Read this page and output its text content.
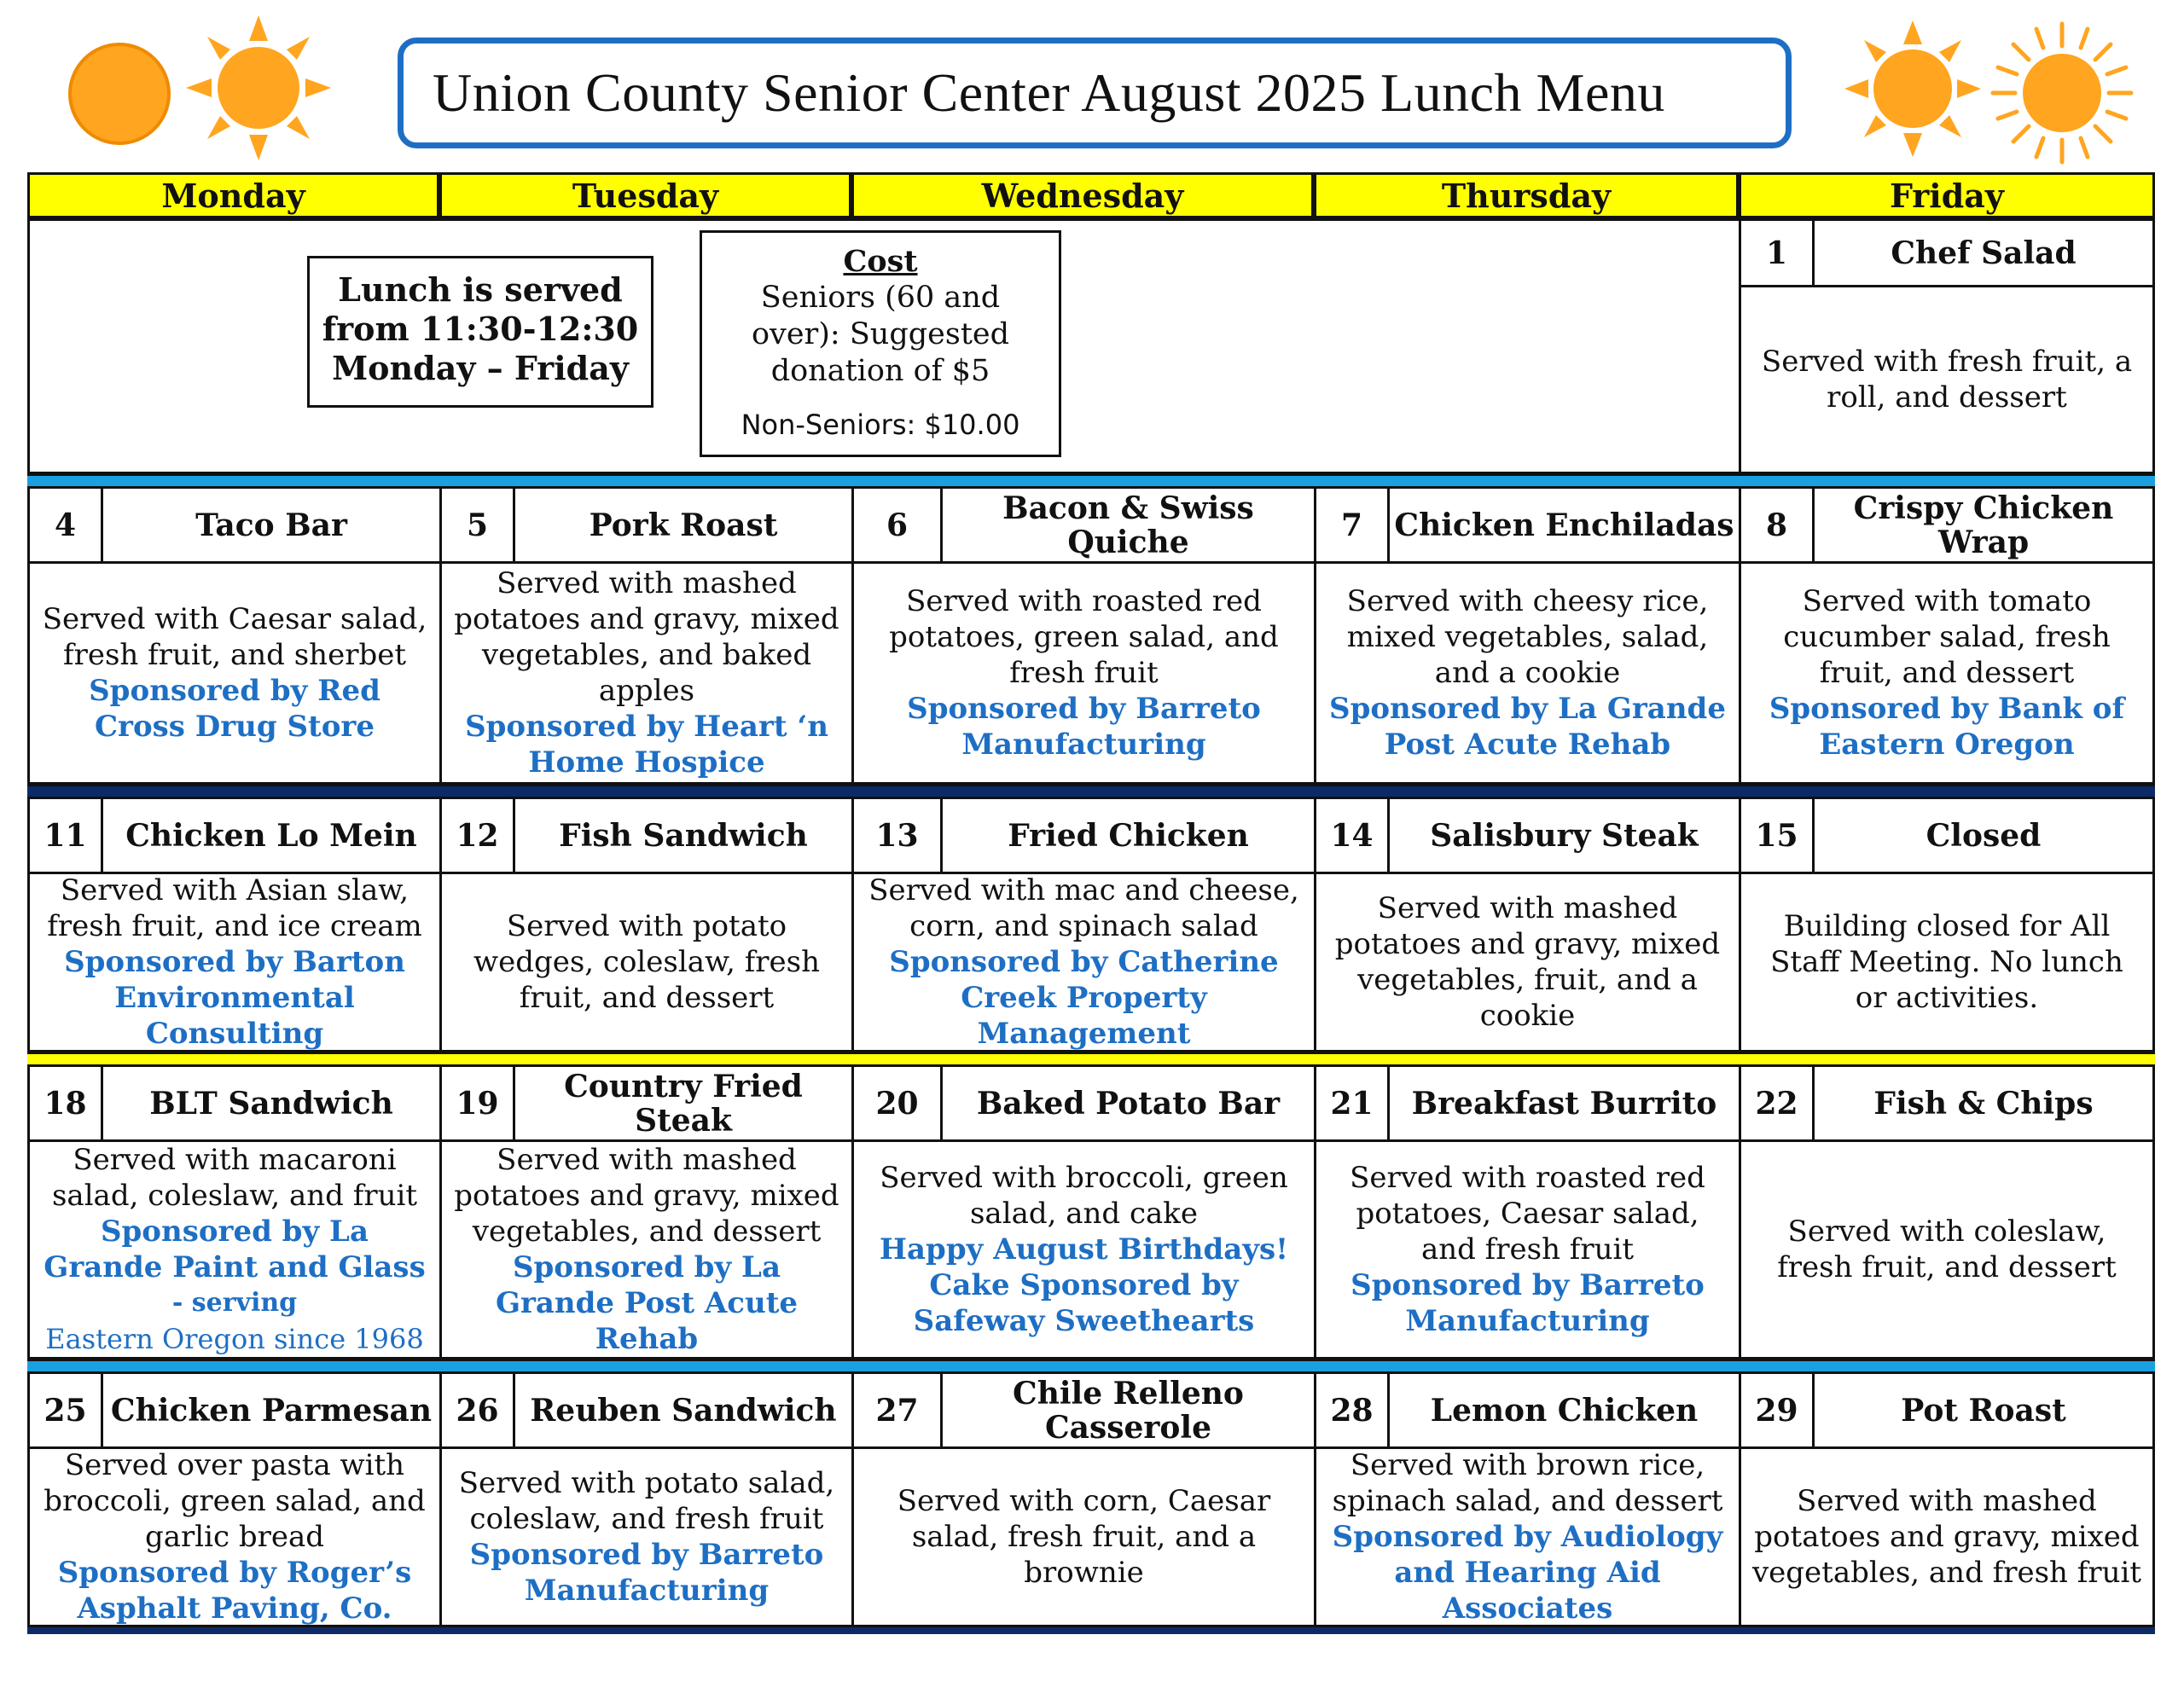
Union County Senior Center August 2025 Lunch Menu
Monday	Tuesday	Wednesday	Thursday	Friday
Lunch is served
from 11:30-12:30
Monday – Friday
Cost
Seniors (60 and
over): Suggested
donation of $5
Non-Seniors: $10.00
1	Chef Salad
Served with fresh fruit, a roll, and dessert
4	Taco Bar
Served with Caesar salad, fresh fruit, and sherbet
Sponsored by Red Cross Drug Store
5	Pork Roast
Served with mashed potatoes and gravy, mixed vegetables, and baked apples
Sponsored by Heart ‘n Home Hospice
6	Bacon & Swiss Quiche
Served with roasted red potatoes, green salad, and fresh fruit
Sponsored by Barreto Manufacturing
7	Chicken Enchiladas
Served with cheesy rice, mixed vegetables, salad, and a cookie
Sponsored by La Grande Post Acute Rehab
8	Crispy Chicken Wrap
Served with tomato cucumber salad, fresh fruit, and dessert
Sponsored by Bank of Eastern Oregon
11	Chicken Lo Mein
Served with Asian slaw, fresh fruit, and ice cream
Sponsored by Barton Environmental Consulting
12	Fish Sandwich
Served with potato wedges, coleslaw, fresh fruit, and dessert
13	Fried Chicken
Served with mac and cheese, corn, and spinach salad
Sponsored by Catherine Creek Property Management
14	Salisbury Steak
Served with mashed potatoes and gravy, mixed vegetables, fruit, and a cookie
15	Closed
Building closed for All Staff Meeting. No lunch or activities.
18	BLT Sandwich
Served with macaroni salad, coleslaw, and fruit
Sponsored by La Grande Paint and Glass
- serving
Eastern Oregon since 1968
19	Country Fried Steak
Served with mashed potatoes and gravy, mixed vegetables, and dessert
Sponsored by La Grande Post Acute Rehab
20	Baked Potato Bar
Served with broccoli, green salad, and cake
Happy August Birthdays! Cake Sponsored by Safeway Sweethearts
21	Breakfast Burrito
Served with roasted red potatoes, Caesar salad, and fresh fruit
Sponsored by Barreto Manufacturing
22	Fish & Chips
Served with coleslaw, fresh fruit, and dessert
25 Chicken Parmesan
Served over pasta with broccoli, green salad, and garlic bread
Sponsored by Roger’s Asphalt Paving, Co.
26	Reuben Sandwich
Served with potato salad, coleslaw, and fresh fruit
Sponsored by Barreto Manufacturing
27	Chile Relleno Casserole
Served with corn, Caesar salad, fresh fruit, and a brownie
28	Lemon Chicken
Served with brown rice, spinach salad, and dessert
Sponsored by Audiology and Hearing Aid Associates
29	Pot Roast
Served with mashed potatoes and gravy, mixed vegetables, and fresh fruit
